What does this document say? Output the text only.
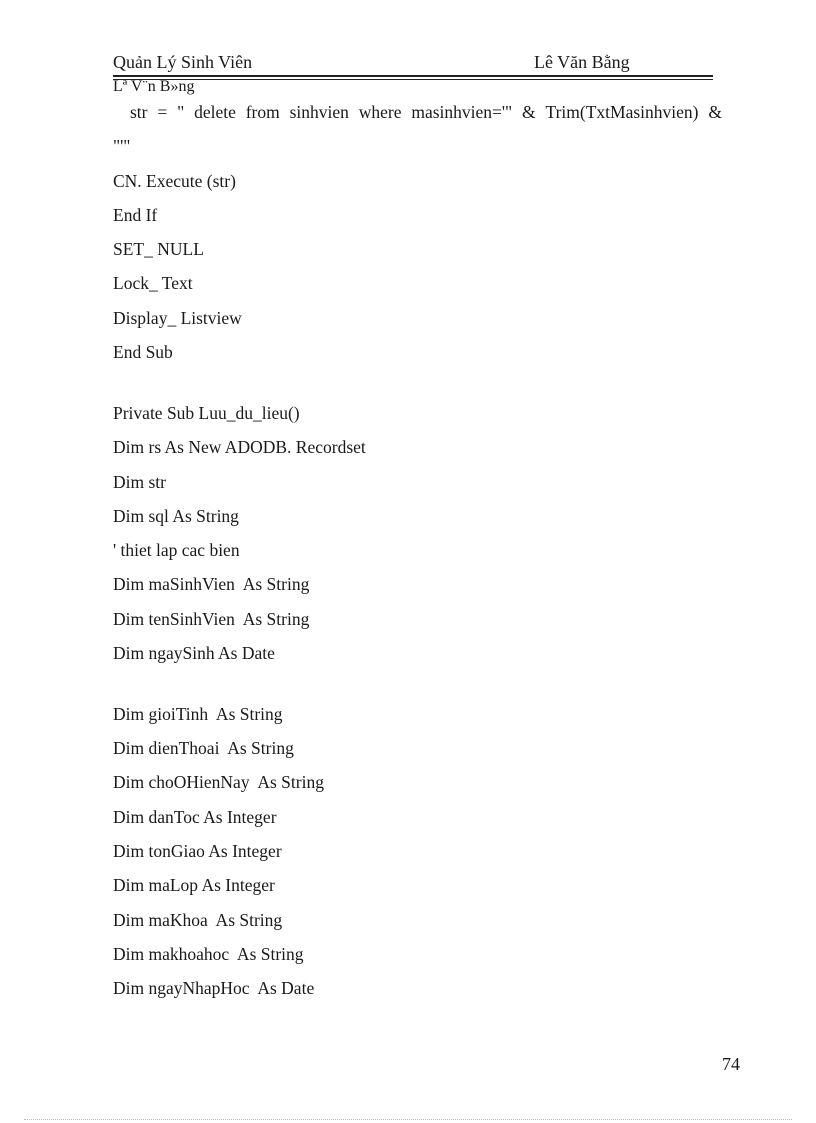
Quản Lý Sinh Viên	Lê Văn Bằng
Lª V¨n B»ng
str = " delete from sinhvien where masinhvien='" & Trim(TxtMasinhvien) &
"'"
CN. Execute (str)
End If
SET_ NULL
Lock_ Text
Display_ Listview
End Sub
Private Sub Luu_du_lieu()
Dim rs As New ADODB. Recordset
Dim str
Dim sql As String
' thiet lap cac bien
Dim maSinhVien  As String
Dim tenSinhVien  As String
Dim ngaySinh As Date
Dim gioiTinh  As String
Dim dienThoai  As String
Dim choOHienNay  As String
Dim danToc As Integer
Dim tonGiao As Integer
Dim maLop As Integer
Dim maKhoa  As String
Dim makhoahoc  As String
Dim ngayNhapHoc  As Date
74
